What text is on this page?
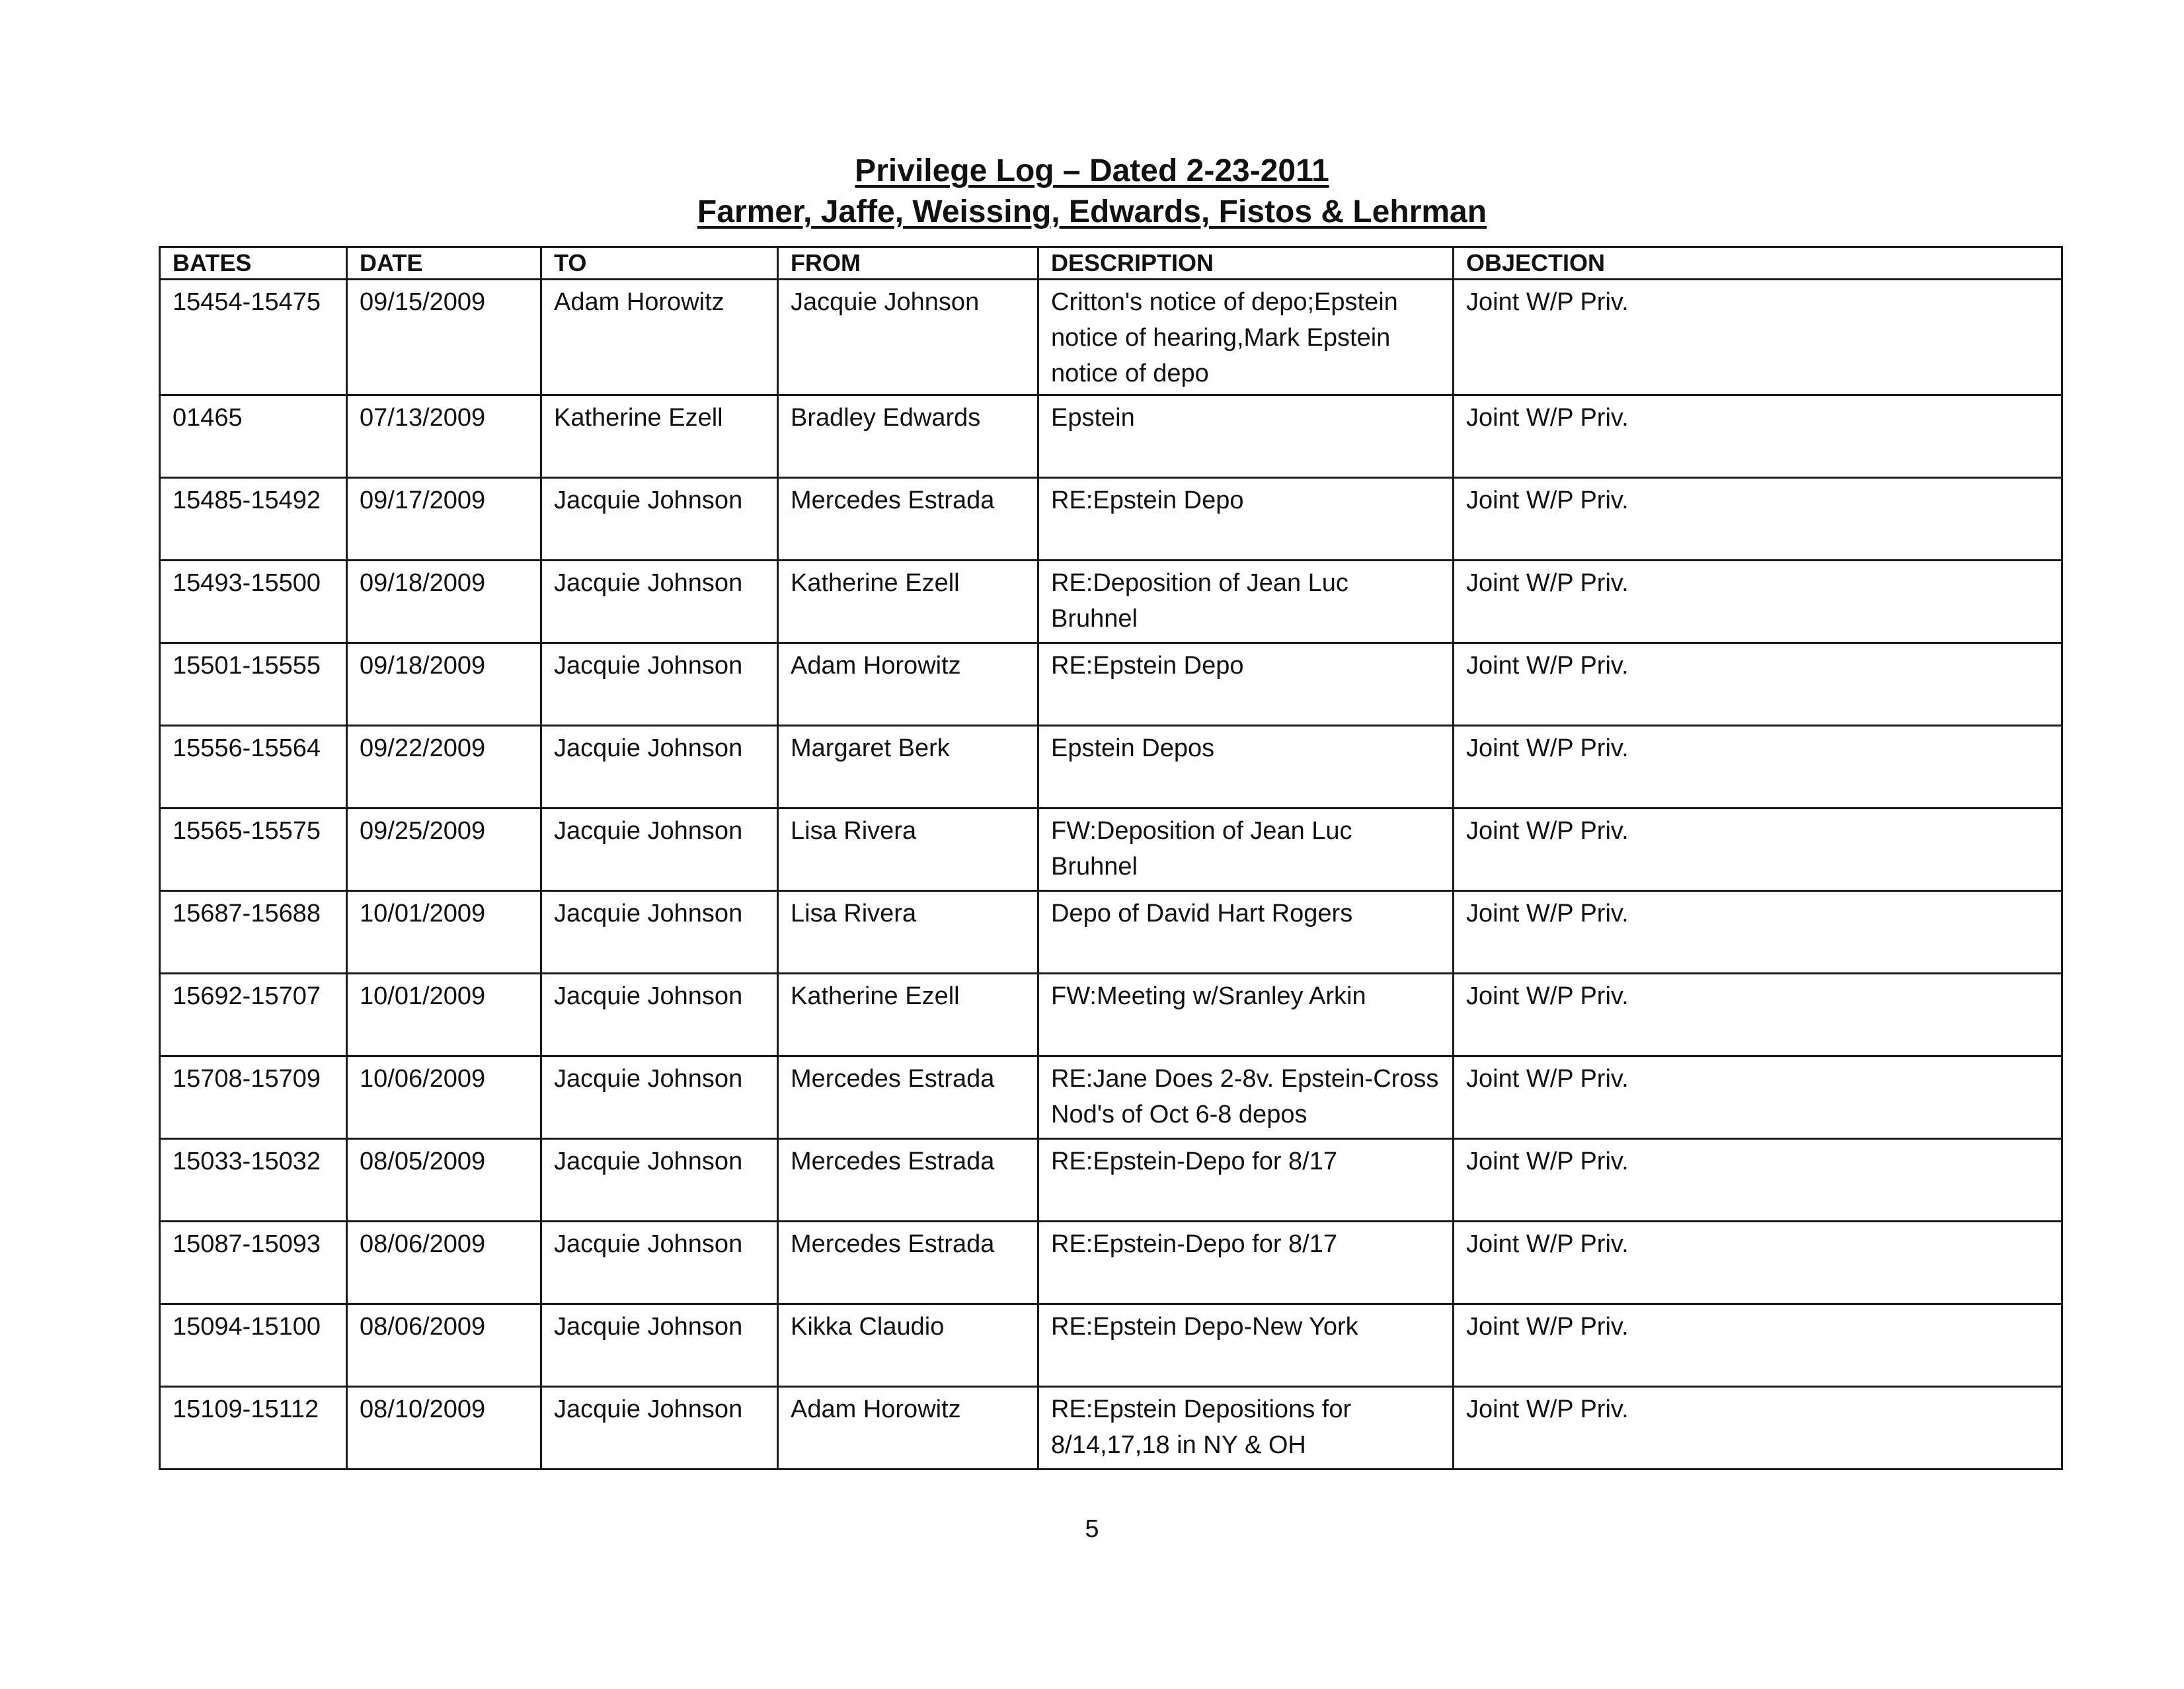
Privilege Log – Dated 2-23-2011
Farmer, Jaffe, Weissing, Edwards, Fistos & Lehrman
BATES	DATE	TO	FROM	DESCRIPTION	OBJECTION
15454-15475	09/15/2009	Adam Horowitz	Jacquie Johnson	Critton's notice of depo;Epstein notice of hearing,Mark Epstein notice of depo	Joint W/P Priv.
01465	07/13/2009	Katherine Ezell	Bradley Edwards	Epstein	Joint W/P Priv.
15485-15492	09/17/2009	Jacquie Johnson	Mercedes Estrada	RE:Epstein Depo	Joint W/P Priv.
15493-15500	09/18/2009	Jacquie Johnson	Katherine Ezell	RE:Deposition of Jean Luc Bruhnel	Joint W/P Priv.
15501-15555	09/18/2009	Jacquie Johnson	Adam Horowitz	RE:Epstein Depo	Joint W/P Priv.
15556-15564	09/22/2009	Jacquie Johnson	Margaret Berk	Epstein Depos	Joint W/P Priv.
15565-15575	09/25/2009	Jacquie Johnson	Lisa Rivera	FW:Deposition of Jean Luc Bruhnel	Joint W/P Priv.
15687-15688	10/01/2009	Jacquie Johnson	Lisa Rivera	Depo of David Hart Rogers	Joint W/P Priv.
15692-15707	10/01/2009	Jacquie Johnson	Katherine Ezell	FW:Meeting w/Sranley Arkin	Joint W/P Priv.
15708-15709	10/06/2009	Jacquie Johnson	Mercedes Estrada	RE:Jane Does 2-8v. Epstein-Cross Nod's of Oct 6-8 depos	Joint W/P Priv.
15033-15032	08/05/2009	Jacquie Johnson	Mercedes Estrada	RE:Epstein-Depo for 8/17	Joint W/P Priv.
15087-15093	08/06/2009	Jacquie Johnson	Mercedes Estrada	RE:Epstein-Depo for 8/17	Joint W/P Priv.
15094-15100	08/06/2009	Jacquie Johnson	Kikka Claudio	RE:Epstein Depo-New York	Joint W/P Priv.
15109-15112	08/10/2009	Jacquie Johnson	Adam Horowitz	RE:Epstein Depositions for 8/14,17,18 in NY & OH	Joint W/P Priv.
5
